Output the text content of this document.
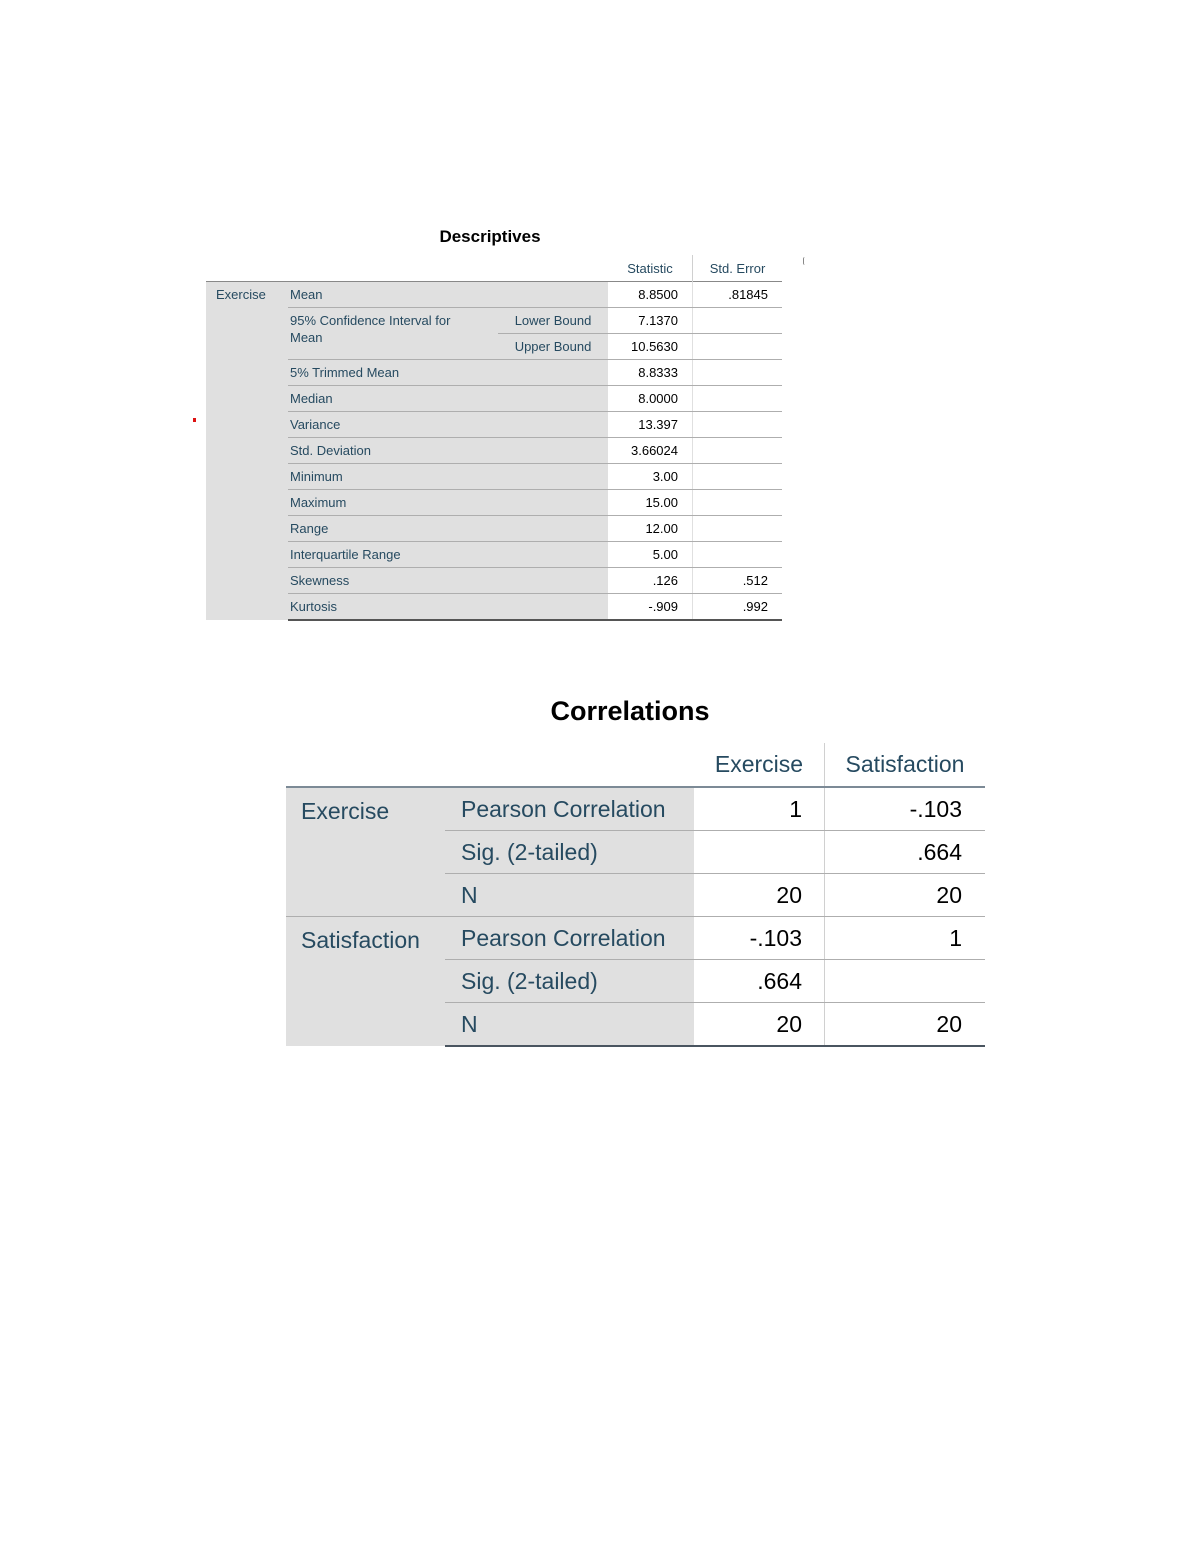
Descriptives
			Statistic	Std. Error
Exercise	Mean		8.8500	.81845
	95% Confidence Interval for Mean	Lower Bound	7.1370	
		Upper Bound	10.5630	
	5% Trimmed Mean		8.8333	
	Median		8.0000	
	Variance		13.397	
	Std. Deviation		3.66024	
	Minimum		3.00	
	Maximum		15.00	
	Range		12.00	
	Interquartile Range		5.00	
	Skewness		.126	.512
	Kurtosis		-.909	.992
Correlations
		Exercise	Satisfaction
Exercise	Pearson Correlation	1	-.103
	Sig. (2-tailed)		.664
	N	20	20
Satisfaction	Pearson Correlation	-.103	1
	Sig. (2-tailed)	.664	
	N	20	20
